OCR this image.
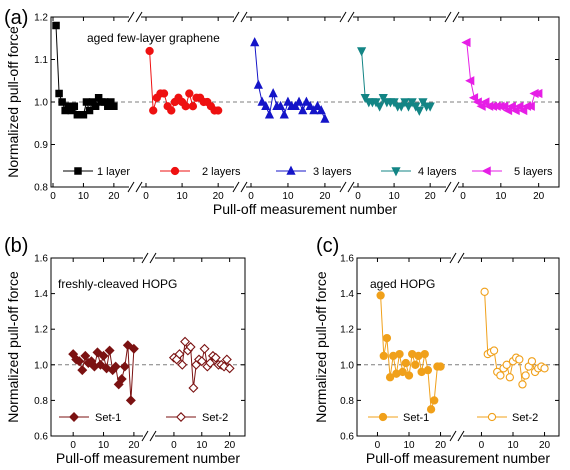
0.8
0.9
1.0
1.1
1.2
0 10 20 0	10 20 0	10	20 0	10 20 0	10	20
1 layer	2 layers	3 layers	4 layers	5 layers
aged few-layer graphene
(a)
Pull-off measurement number
Normalized pull-off force
0.6
0.8
1.0
1.2
1.4
1.6
0 10 20	0 10 20
Set-1	Set-2
freshly-cleaved HOPG
(b)
Pull-off measurement number
Normalized pull-off force
0.6
0.8
1.0
1.2
1.4
1.6
0 10 20	0 10 20
Set-1	Set-2
aged HOPG
(c)
Pull-off measurement number
Normalized pull-off force
